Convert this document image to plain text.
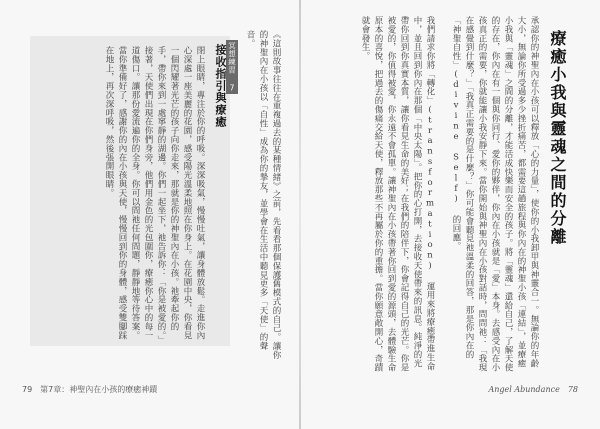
療癒小我與靈魂之間的分離
承認你的神聖內在小孩可以釋放「心的力量」，使你的小我卸甲與神靈合一。無論你的年齡大小，無論你所受過多少挫折痛苦，都需要這趟旅程與你內在的神聖小孩「連結」，並療癒小我與「靈魂」之間的分離，才能活成快樂而安全的孩子。將「靈魂」還給自己，了解天使的存在，你內在有一個與你同行、愛你的夥伴，你內在小孩就是「愛」本身。去感受內在小孩真正的需要，你就能讓小我安靜下來。當你開始與神聖內在小孩對話時，問問祂：「我現在感覺到什麼？」「我真正需要的是什麼？」你可能會聽見祂溫柔的回答，那是你內在的「神聖自性」(divine Self) 的回應。

我們請求你將「轉化」(transformation) 運用來將療癒帶進生命中，並且回到你內在那個「中央太陽」。把你的心打開，去接收天使帶來的訊息。純淨的光帶你回到你真實本質，讓你看見生命的美好；在我們的陪伴下，你會記得自己的光芒。你是被愛的，你值得被愛，你永遠不會孤單。讓神聖內在小孩帶著你回到愛的源頭，去體驗生命原本的喜悅，把過去的傷痛交給天使，釋放那些不再屬於你的重擔。當你願意敞開心，奇蹟就會發生。
《這則故事往往在重複過去的某種情緒》之前，先看看那個保護舊模式的自己。讓你的神聖內在小孩以「自性」成為你的摯友，並學會在生活中聽見更多「天使」的聲音。
冥想練習 7
接收指引與療癒
閉上眼睛，專注於你的呼吸。深深吸氣，慢慢吐氣，讓身體放鬆。走進你內心深處一座美麗的花園，感受陽光溫柔地照在你身上。在花園中央，你看見一個閃耀著光芒的孩子向你走來，那就是你的神聖內在小孩。祂牽起你的手，帶你來到一處寧靜的湖邊。你們一起坐下，祂告訴你：「你是被愛的。」接著，天使們出現在你們身旁，他們用金色的光包圍你，療癒你心中的每一道傷口。讓那份愛流遍你的全身。你可以問祂任何問題，靜靜地等待答案。當你準備好了，感謝你的內在小孩與天使，慢慢回到你的身體，感受雙腳踩在地上，再次深呼吸，然後張開眼睛。
79　第7章：神聖內在小孩的療癒神蹟	Angel Abundance　78
